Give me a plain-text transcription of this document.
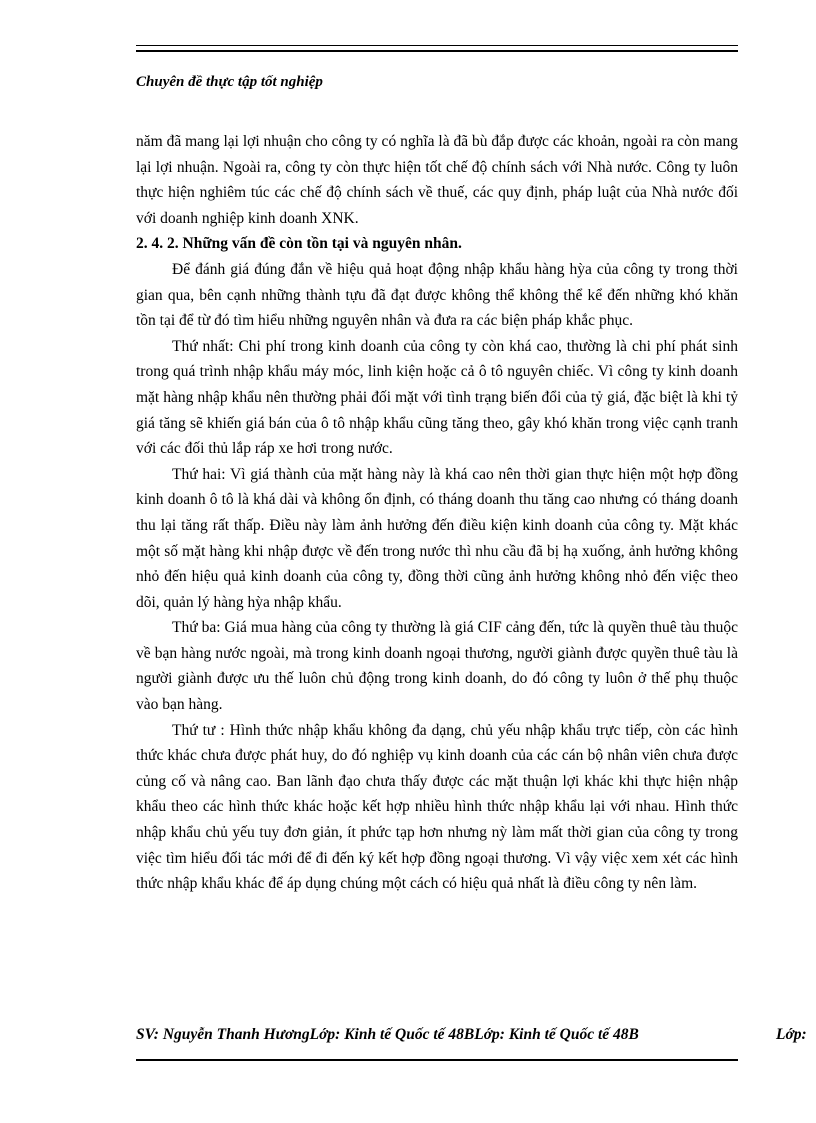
Chuyên đề thực tập tốt nghiệp

năm đã mang lại lợi nhuận cho công ty có nghĩa là đã bù đắp được các khoản, ngoài ra còn mang lại lợi nhuận. Ngoài ra, công ty còn thực hiện tốt chế độ chính sách với Nhà nước. Công ty luôn thực hiện nghiêm túc các chế độ chính sách về thuế, các quy định, pháp luật của Nhà nước đối với doanh nghiệp kinh doanh XNK.

2. 4. 2. Những vấn đề còn tồn tại và nguyên nhân.

Để đánh giá đúng đắn về hiệu quả hoạt động nhập khẩu hàng hỳa của công ty trong thời gian qua, bên cạnh những thành tựu đã đạt được không thể không thể kể đến những khó khăn tồn tại để từ đó tìm hiểu những nguyên nhân và đưa ra các biện pháp khắc phục.

Thứ nhất: Chi phí trong kinh doanh của công ty còn khá cao, thường là chi phí phát sinh trong quá trình nhập khẩu máy móc, linh kiện hoặc cả ô tô nguyên chiếc. Vì công ty kinh doanh mặt hàng nhập khẩu nên thường phải đối mặt với tình trạng biến đổi của tỷ giá, đặc biệt là khi tỷ giá tăng sẽ khiến giá bán của ô tô nhập khẩu cũng tăng theo, gây khó khăn trong việc cạnh tranh với các đối thủ lắp ráp xe hơi trong nước.

Thứ hai: Vì giá thành của mặt hàng này là khá cao nên thời gian thực hiện một hợp đồng kinh doanh ô tô là khá dài và không ổn định, có tháng doanh thu tăng cao nhưng có tháng doanh thu lại tăng rất thấp. Điều này làm ảnh hưởng đến điều kiện kinh doanh của công ty. Mặt khác một số mặt hàng khi nhập được về đến trong nước thì nhu cầu đã bị hạ xuống, ảnh hưởng không nhỏ đến hiệu quả kinh doanh của công ty, đồng thời cũng ảnh hưởng không nhỏ đến việc theo dõi, quản lý hàng hỳa nhập khẩu.

Thứ ba: Giá mua hàng của công ty thường là giá CIF cảng đến, tức là quyền thuê tàu thuộc về bạn hàng nước ngoài, mà trong kinh doanh ngoại thương, người giành được quyền thuê tàu là người giành được ưu thế luôn chủ động trong kinh doanh, do đó công ty luôn ở thế phụ thuộc vào bạn hàng.

Thứ tư : Hình thức nhập khẩu không đa dạng, chủ yếu nhập khẩu trực tiếp, còn các hình thức khác chưa được phát huy, do đó nghiệp vụ kinh doanh của các cán bộ nhân viên chưa được củng cố và nâng cao. Ban lãnh đạo chưa thấy được các mặt thuận lợi khác khi thực hiện nhập khẩu theo các hình thức khác hoặc kết hợp nhiều hình thức nhập khẩu lại với nhau. Hình thức nhập khẩu chủ yếu tuy đơn giản, ít phức tạp hơn nhưng nỳ làm mất thời gian của công ty trong việc tìm hiểu đối tác mới để đi đến ký kết hợp đồng ngoại thương. Vì vậy việc xem xét các hình thức nhập khẩu khác để áp dụng chúng một cách có hiệu quả nhất là điều công ty nên làm.

SV: Nguyễn Thanh HươngLớp: Kinh tế Quốc tế 48BLớp: Kinh tế Quốc tế 48B	Lớp:
